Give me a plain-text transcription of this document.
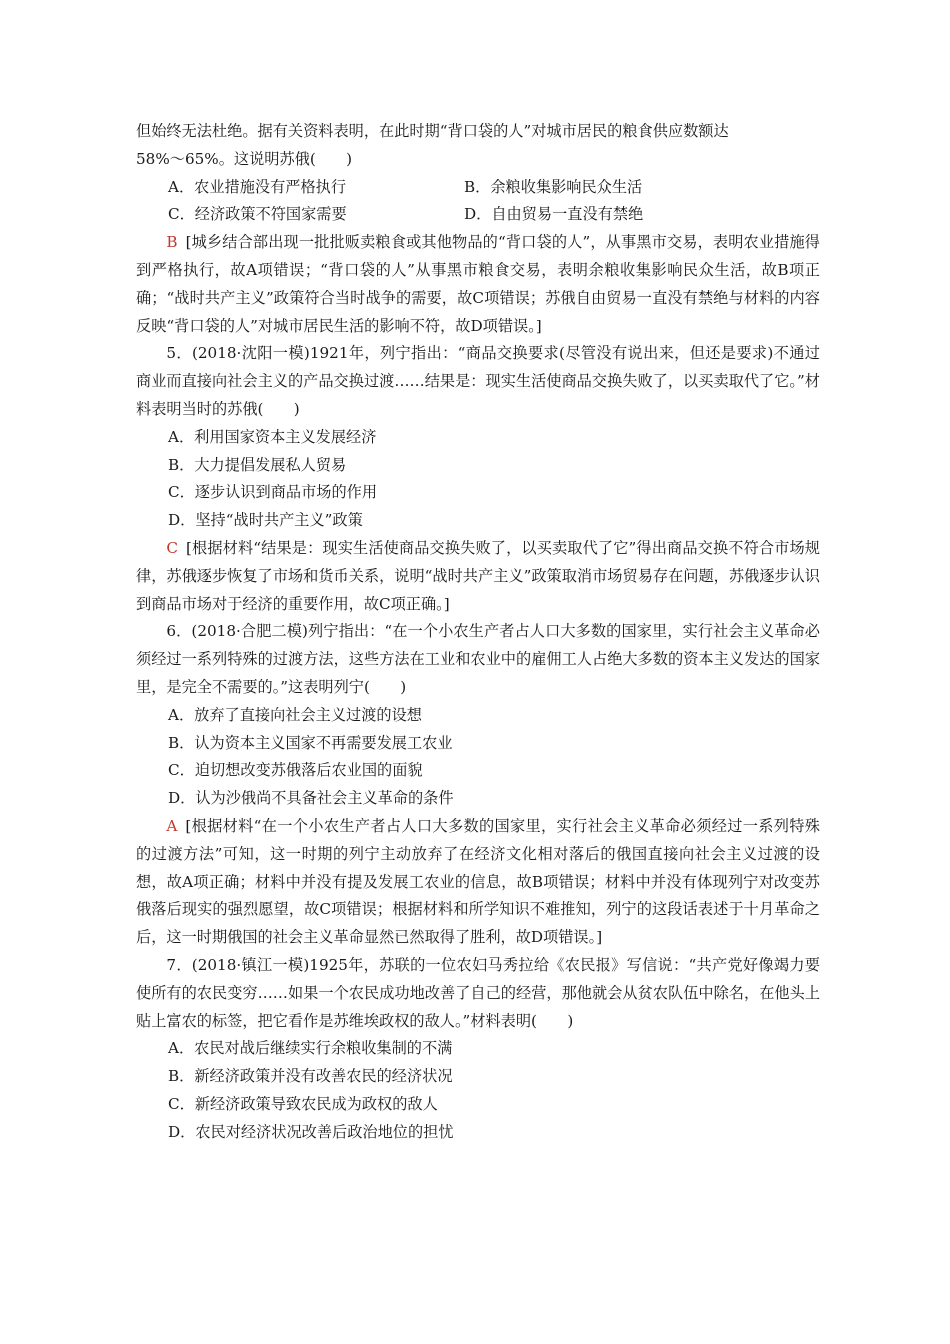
但始终无法杜绝。据有关资料表明，在此时期“背口袋的人”对城市居民的粮食供应数额达

58%～65%。这说明苏俄(　　)

A．农业措施没有严格执行	B．余粮收集影响民众生活
C．经济政策不符国家需要	D．自由贸易一直没有禁绝

B [城乡结合部出现一批批贩卖粮食或其他物品的“背口袋的人”，从事黑市交易，表明农业措施得到严格执行，故A项错误；“背口袋的人”从事黑市粮食交易，表明余粮收集影响民众生活，故B项正确；“战时共产主义”政策符合当时战争的需要，故C项错误；苏俄自由贸易一直没有禁绝与材料的内容反映“背口袋的人”对城市居民生活的影响不符，故D项错误。]

5．(2018·沈阳一模)1921年，列宁指出：“商品交换要求(尽管没有说出来，但还是要求)不通过商业而直接向社会主义的产品交换过渡……结果是：现实生活使商品交换失败了，以买卖取代了它。”材料表明当时的苏俄(　　)

A．利用国家资本主义发展经济

B．大力提倡发展私人贸易

C．逐步认识到商品市场的作用

D．坚持“战时共产主义”政策

C [根据材料“结果是：现实生活使商品交换失败了，以买卖取代了它”得出商品交换不符合市场规律，苏俄逐步恢复了市场和货币关系，说明“战时共产主义”政策取消市场贸易存在问题，苏俄逐步认识到商品市场对于经济的重要作用，故C项正确。]

6．(2018·合肥二模)列宁指出：“在一个小农生产者占人口大多数的国家里，实行社会主义革命必须经过一系列特殊的过渡方法，这些方法在工业和农业中的雇佣工人占绝大多数的资本主义发达的国家里，是完全不需要的。”这表明列宁(　　)

A．放弃了直接向社会主义过渡的设想

B．认为资本主义国家不再需要发展工农业

C．迫切想改变苏俄落后农业国的面貌

D．认为沙俄尚不具备社会主义革命的条件

A [根据材料“在一个小农生产者占人口大多数的国家里，实行社会主义革命必须经过一系列特殊的过渡方法”可知，这一时期的列宁主动放弃了在经济文化相对落后的俄国直接向社会主义过渡的设想，故A项正确；材料中并没有提及发展工农业的信息，故B项错误；材料中并没有体现列宁对改变苏俄落后现实的强烈愿望，故C项错误；根据材料和所学知识不难推知，列宁的这段话表述于十月革命之后，这一时期俄国的社会主义革命显然已然取得了胜利，故D项错误。]

7．(2018·镇江一模)1925年，苏联的一位农妇马秀拉给《农民报》写信说：“共产党好像竭力要使所有的农民变穷……如果一个农民成功地改善了自己的经营，那他就会从贫农队伍中除名，在他头上贴上富农的标签，把它看作是苏维埃政权的敌人。”材料表明(　　)

A．农民对战后继续实行余粮收集制的不满

B．新经济政策并没有改善农民的经济状况

C．新经济政策导致农民成为政权的敌人

D．农民对经济状况改善后政治地位的担忧
